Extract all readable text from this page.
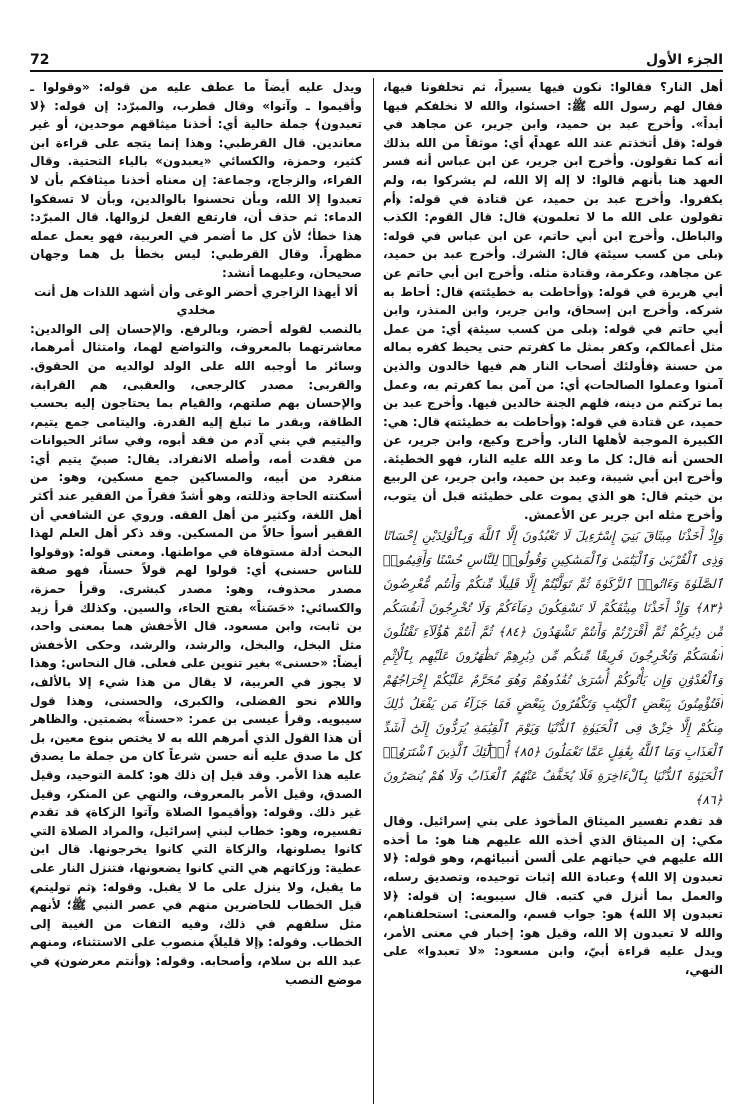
72	الجزء الأول

أهل النار؟ فقالوا: نكون فيها يسيراً، ثم تخلفونا فيها، فقال لهم رسول الله ﷺ: اخسئوا، والله لا نخلفكم فيها أبداً». وأخرج عبد بن حميد، وابن جرير، عن مجاهد في قوله: ﴿قل أتخذتم عند الله عهداً﴾ أي: موثقاً من الله بذلك أنه كما تقولون. وأخرج ابن جرير، عن ابن عباس أنه فسر العهد هنا بأنهم قالوا: لا إله إلا الله، لم يشركوا به، ولم يكفروا. وأخرج عبد بن حميد، عن قتادة في قوله: ﴿أم تقولون على الله ما لا تعلمون﴾ قال: قال القوم: الكذب والباطل. وأخرج ابن أبي حاتم، عن ابن عباس في قوله: ﴿بلى من كسب سيئة﴾ قال: الشرك. وأخرج عبد بن حميد، عن مجاهد، وعكرمة، وقتادة مثله. وأخرج ابن أبي حاتم عن أبي هريرة في قوله: ﴿وأحاطت به خطيئته﴾ قال: أحاط به شركه. وأخرج ابن إسحاق، وابن جرير، وابن المنذر، وابن أبي حاتم في قوله: ﴿بلى من كسب سيئة﴾ أي: من عمل مثل أعمالكم، وكفر بمثل ما كفرتم حتى يحيط كفره بماله من حسنة ﴿فأولئك أصحاب النار هم فيها خالدون والذين آمنوا وعملوا الصالحات﴾ أي: من آمن بما كفرتم به، وعمل بما تركتم من دينه، فلهم الجنة خالدين فيها. وأخرج عبد بن حميد، عن قتادة في قوله: ﴿وأحاطت به خطيئته﴾ قال: هي: الكبيرة الموجبة لأهلها النار. وأخرج وكيع، وابن جرير، عن الحسن أنه قال: كل ما وعد الله عليه النار، فهو الخطيئة. وأخرج ابن أبي شيبة، وعبد بن حميد، وابن جرير، عن الربيع بن خيثم قال: هو الذي يموت على خطيئته قبل أن يتوب، وأخرج مثله ابن جرير عن الأعمش.

وَإِذْ أَخَذْنَا مِيثَاقَ بَنِيٓ إِسْرَٰٓءِيلَ لَا تَعْبُدُونَ إِلَّا ٱللَّهَ وَبِٱلْوَٰلِدَيْنِ إِحْسَانًا وَذِى ٱلْقُرْبَىٰ وَٱلْيَتَٰمَىٰ وَٱلْمَسَٰكِينِ وَقُولُوا۟ لِلنَّاسِ حُسْنًا وَأَقِيمُوا۟ ٱلصَّلَوٰةَ وَءَاتُوا۟ ٱلزَّكَوٰةَ ثُمَّ تَوَلَّيْتُمْ إِلَّا قَلِيلًا مِّنكُمْ وَأَنتُم مُّعْرِضُونَ ﴿٨٣﴾ وَإِذْ أَخَذْنَا مِيثَٰقَكُمْ لَا تَسْفِكُونَ دِمَآءَكُمْ وَلَا تُخْرِجُونَ أَنفُسَكُم مِّن دِيَٰرِكُمْ ثُمَّ أَقْرَرْتُمْ وَأَنتُمْ تَشْهَدُونَ ﴿٨٤﴾ ثُمَّ أَنتُمْ هَٰٓؤُلَآءِ تَقْتُلُونَ أَنفُسَكُمْ وَتُخْرِجُونَ فَرِيقًا مِّنكُم مِّن دِيَٰرِهِمْ تَظَٰهَرُونَ عَلَيْهِم بِٱلْإِثْمِ وَٱلْعُدْوَٰنِ وَإِن يَأْتُوكُمْ أُسَٰرَىٰ تُفَٰدُوهُمْ وَهُوَ مُحَرَّمٌ عَلَيْكُمْ إِخْرَاجُهُمْ أَفَتُؤْمِنُونَ بِبَعْضِ ٱلْكِتَٰبِ وَتَكْفُرُونَ بِبَعْضٍ فَمَا جَزَآءُ مَن يَفْعَلُ ذَٰلِكَ مِنكُمْ إِلَّا خِزْىٌ فِى ٱلْحَيَوٰةِ ٱلدُّنْيَا وَيَوْمَ ٱلْقِيَٰمَةِ يُرَدُّونَ إِلَىٰٓ أَشَدِّ ٱلْعَذَابِ وَمَا ٱللَّهُ بِغَٰفِلٍ عَمَّا تَعْمَلُونَ ﴿٨٥﴾ أُو۟لَٰٓئِكَ ٱلَّذِينَ ٱشْتَرَوُا۟ ٱلْحَيَوٰةَ ٱلدُّنْيَا بِٱلْءَاخِرَةِ فَلَا يُخَفَّفُ عَنْهُمُ ٱلْعَذَابُ وَلَا هُمْ يُنصَرُونَ ﴿٨٦﴾

قد تقدم تفسير الميثاق المأخوذ على بني إسرائيل. وقال مكي: إن الميثاق الذي أخذه الله عليهم هنا هو: ما أخذه الله عليهم في حياتهم على ألسن أنبيائهم، وهو قوله: ﴿لا تعبدون إلا الله﴾ وعبادة الله إثبات توحيده، وتصديق رسله، والعمل بما أنزل في كتبه. قال سيبويه: إن قوله: ﴿لا تعبدون إلا الله﴾ هو: جواب قسم، والمعنى: استحلفناهم، والله لا تعبدون إلا الله، وقيل هو: إخبار في معنى الأمر، ويدل عليه قراءة أبيّ، وابن مسعود: «لا تعبدوا» على النهي،

ويدل عليه أيضاً ما عطف عليه من قوله: «وقولوا ـ وأقيموا ـ وآتوا» وقال قطرب، والمبرّد: إن قوله: ﴿لا تعبدون﴾ جملة حالية أي: أخذنا ميثاقهم موحدين، أو غير معاندين. قال القرطبي: وهذا إنما يتجه على قراءة ابن كثير، وحمزة، والكسائي «يعبدون» بالياء التحتية. وقال الفراء، والزجاج، وجماعة: إن معناه أخذنا ميثاقكم بأن لا تعبدوا إلا الله، وبأن تحسنوا بالوالدين، وبأن لا تسفكوا الدماء: ثم حذف أن، فارتفع الفعل لزوالها. قال المبرّد: هذا خطأ؛ لأن كل ما أضمر في العربية، فهو يعمل عمله مظهراً. وقال القرطبي: ليس بخطأ بل هما وجهان صحيحان، وعليهما أنشد:

ألا أيهذا الزاجري أحضر الوغى وأن أشهد اللذات هل أنت مخلدي

بالنصب لقوله أحضر، وبالرفع. والإحسان إلى الوالدين: معاشرتهما بالمعروف، والتواضع لهما، وامتثال أمرهما، وسائر ما أوجبه الله على الولد لوالديه من الحقوق. والقربى: مصدر كالرجعى، والعقبى، هم القرابة، والإحسان بهم صلتهم، والقيام بما يحتاجون إليه بحسب الطاقة، وبقدر ما تبلغ إليه القدرة. واليتامى جمع يتيم، واليتيم في بني آدم من فقد أبوه، وفي سائر الحيوانات من فقدت أمه، وأصله الانفراد. يقال: صبيّ يتيم أي: منفرد من أبيه، والمساكين جمع مسكين، وهو: من أسكنته الحاجة وذللته، وهو أشدّ فقراً من الفقير عند أكثر أهل اللغة، وكثير من أهل الفقه. وروي عن الشافعي أن الفقير أسوأ حالاً من المسكين. وقد ذكر أهل العلم لهذا البحث أدلة مستوفاة في مواطنها. ومعنى قوله: ﴿وقولوا للناس حسنى﴾ أي: قولوا لهم قولاً حسناً، فهو صفة مصدر محذوف، وهو: مصدر كبشرى. وقرأ حمزة، والكسائي: «حَسَناً» بفتح الحاء، والسين. وكذلك قرأ زيد بن ثابت، وابن مسعود. قال الأخفش هما بمعنى واحد، مثل البخل، والبخل، والرشد، والرشد، وحكى الأخفش أيضاً: «حسنى» بغير تنوين على فعلى. قال النحاس: وهذا لا يجوز في العربية، لا يقال من هذا شيء إلا بالألف، واللام نحو الفضلى، والكبرى، والحسنى، وهذا قول سيبويه. وقرأ عيسى بن عمر: «حسناً» بضمتين. والظاهر أن هذا القول الذي أمرهم الله به لا يختص بنوع معين، بل كل ما صدق عليه أنه حسن شرعاً كان من جملة ما يصدق عليه هذا الأمر. وقد قيل إن ذلك هو: كلمة التوحيد، وقيل الصدق، وقيل الأمر بالمعروف، والنهي عن المنكر، وقيل غير ذلك. وقوله: ﴿وأقيموا الصلاة وآتوا الزكاة﴾ قد تقدم تفسيره، وهو: خطاب لبني إسرائيل، والمراد الصلاة التي كانوا يصلونها، والزكاة التي كانوا يخرجونها. قال ابن عطية: وزكاتهم هي التي كانوا يضعونها، فتنزل النار على ما يقبل، ولا ينزل على ما لا يقبل. وقوله: ﴿ثم توليتم﴾ قيل الخطاب للحاضرين منهم في عصر النبي ﷺ؛ لأنهم مثل سلفهم في ذلك، وفيه التفات من الغيبة إلى الخطاب. وقوله: ﴿إلا قليلاً﴾ منصوب على الاستثناء، ومنهم عبد الله بن سلام، وأصحابه. وقوله: ﴿وأنتم معرضون﴾ في موضع النصب
